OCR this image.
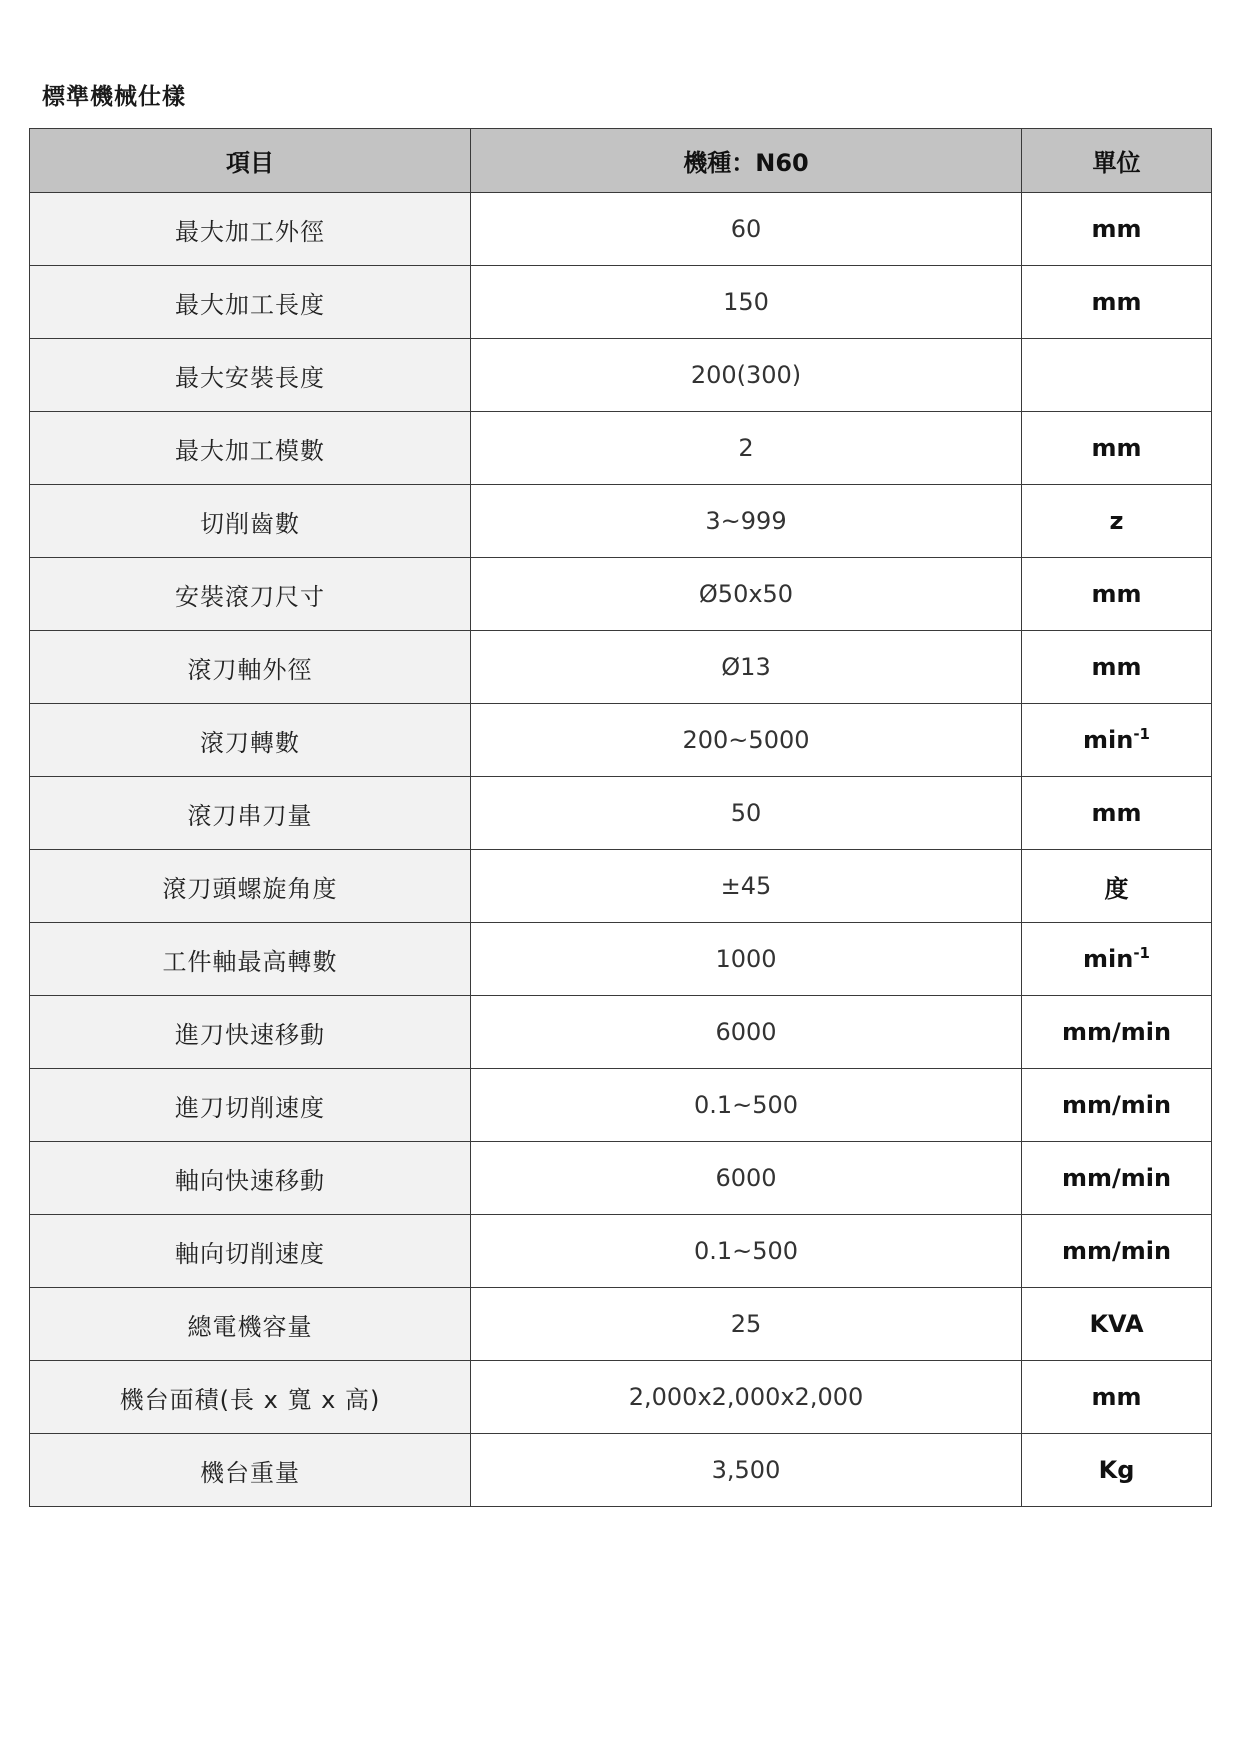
標準機械仕樣
項目	機種：N60	單位
最大加工外徑	60	mm
最大加工長度	150	mm
最大安裝長度	200(300)	
最大加工模數	2	mm
切削齒數	3~999	z
安裝滾刀尺寸	Ø50x50	mm
滾刀軸外徑	Ø13	mm
滾刀轉數	200~5000	$\min^{-1}$
滾刀串刀量	50	mm
滾刀頭螺旋角度	±45	度
工件軸最高轉數	1000	$\min^{-1}$
進刀快速移動	6000	mm/min
進刀切削速度	0.1~500	mm/min
軸向快速移動	6000	mm/min
軸向切削速度	0.1~500	mm/min
總電機容量	25	KVA
機台面積(長 x 寬 x 高)	2,000x2,000x2,000	mm
機台重量	3,500	Kg
